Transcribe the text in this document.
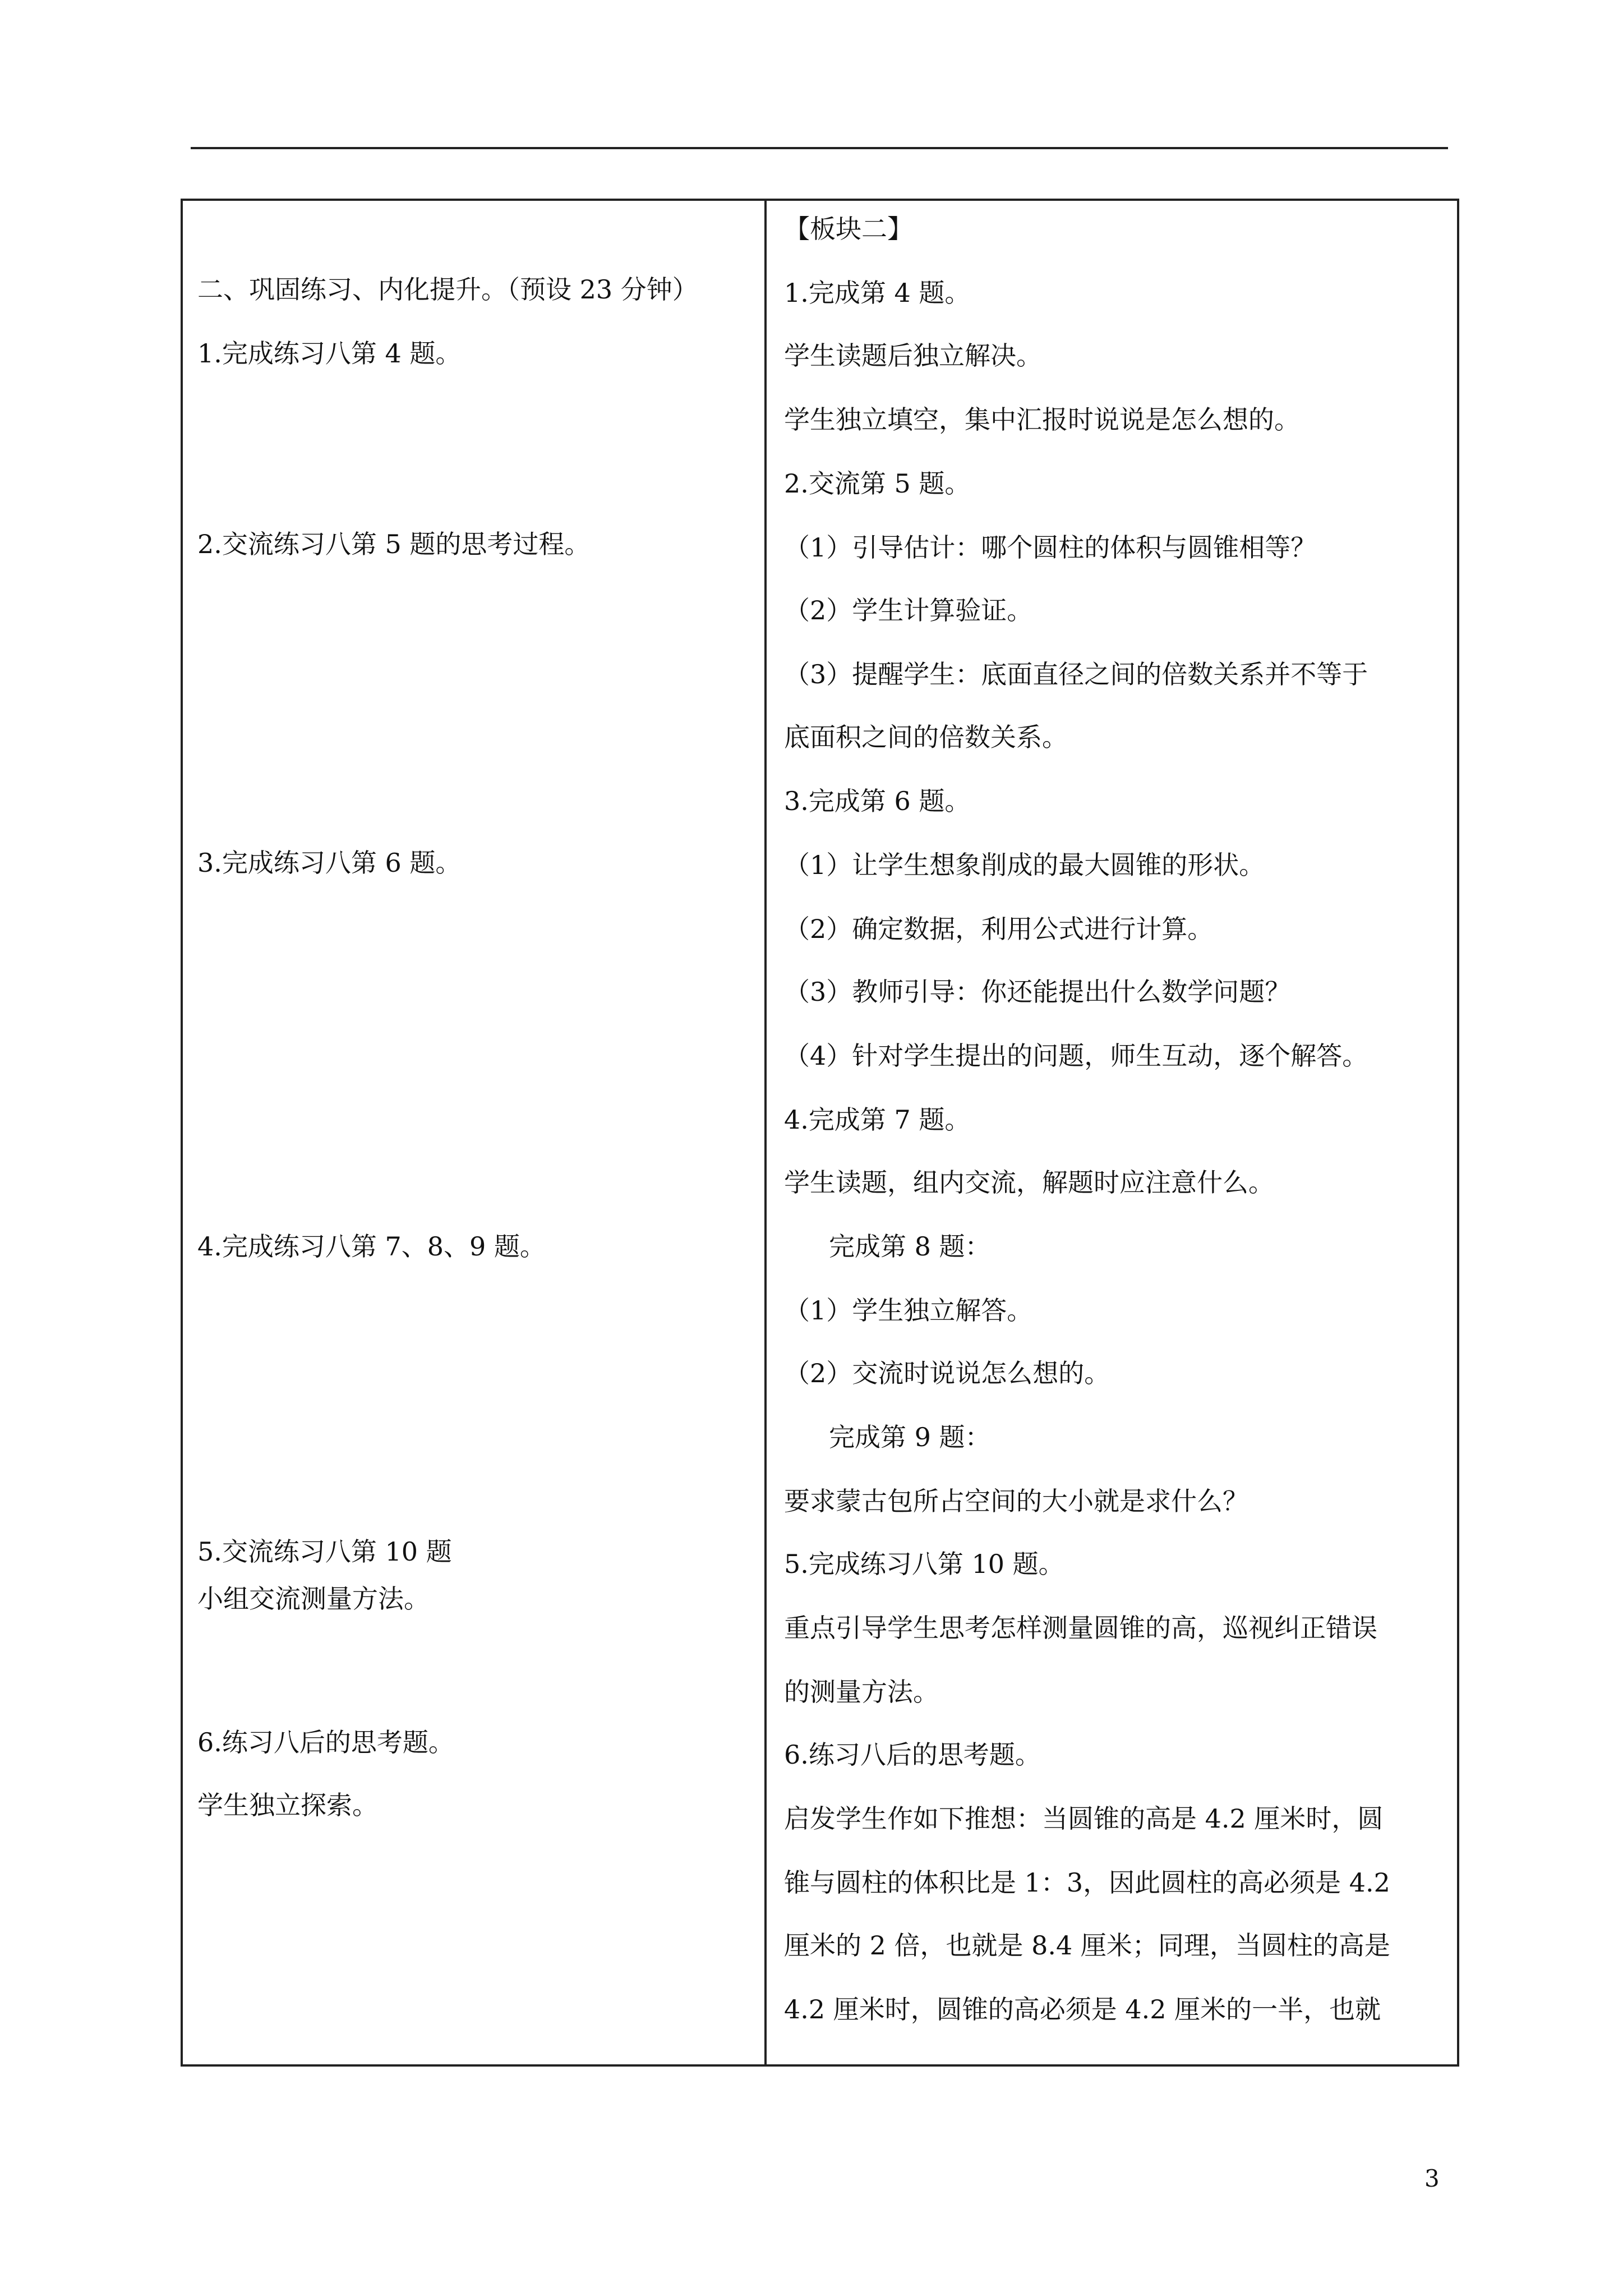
二、巩固练习、内化提升。（预设 23 分钟）
1.完成练习八第 4 题。
2.交流练习八第 5 题的思考过程。
3.完成练习八第 6 题。
4.完成练习八第 7、8、9 题。
5.交流练习八第 10 题
小组交流测量方法。
6.练习八后的思考题。
学生独立探索。
【板块二】
1.完成第 4 题。
学生读题后独立解决。
学生独立填空，集中汇报时说说是怎么想的。
2.交流第 5 题。
（1）引导估计：哪个圆柱的体积与圆锥相等？
（2）学生计算验证。
（3）提醒学生：底面直径之间的倍数关系并不等于
底面积之间的倍数关系。
3.完成第 6 题。
（1）让学生想象削成的最大圆锥的形状。
（2）确定数据，利用公式进行计算。
（3）教师引导：你还能提出什么数学问题？
（4）针对学生提出的问题，师生互动，逐个解答。
4.完成第 7 题。
学生读题，组内交流，解题时应注意什么。
完成第 8 题：
（1）学生独立解答。
（2）交流时说说怎么想的。
完成第 9 题：
要求蒙古包所占空间的大小就是求什么？
5.完成练习八第 10 题。
重点引导学生思考怎样测量圆锥的高，巡视纠正错误
的测量方法。
6.练习八后的思考题。
启发学生作如下推想：当圆锥的高是 4.2 厘米时，圆
锥与圆柱的体积比是 1：3，因此圆柱的高必须是 4.2
厘米的 2 倍，也就是 8.4 厘米；同理，当圆柱的高是
4.2 厘米时，圆锥的高必须是 4.2 厘米的一半，也就
3
